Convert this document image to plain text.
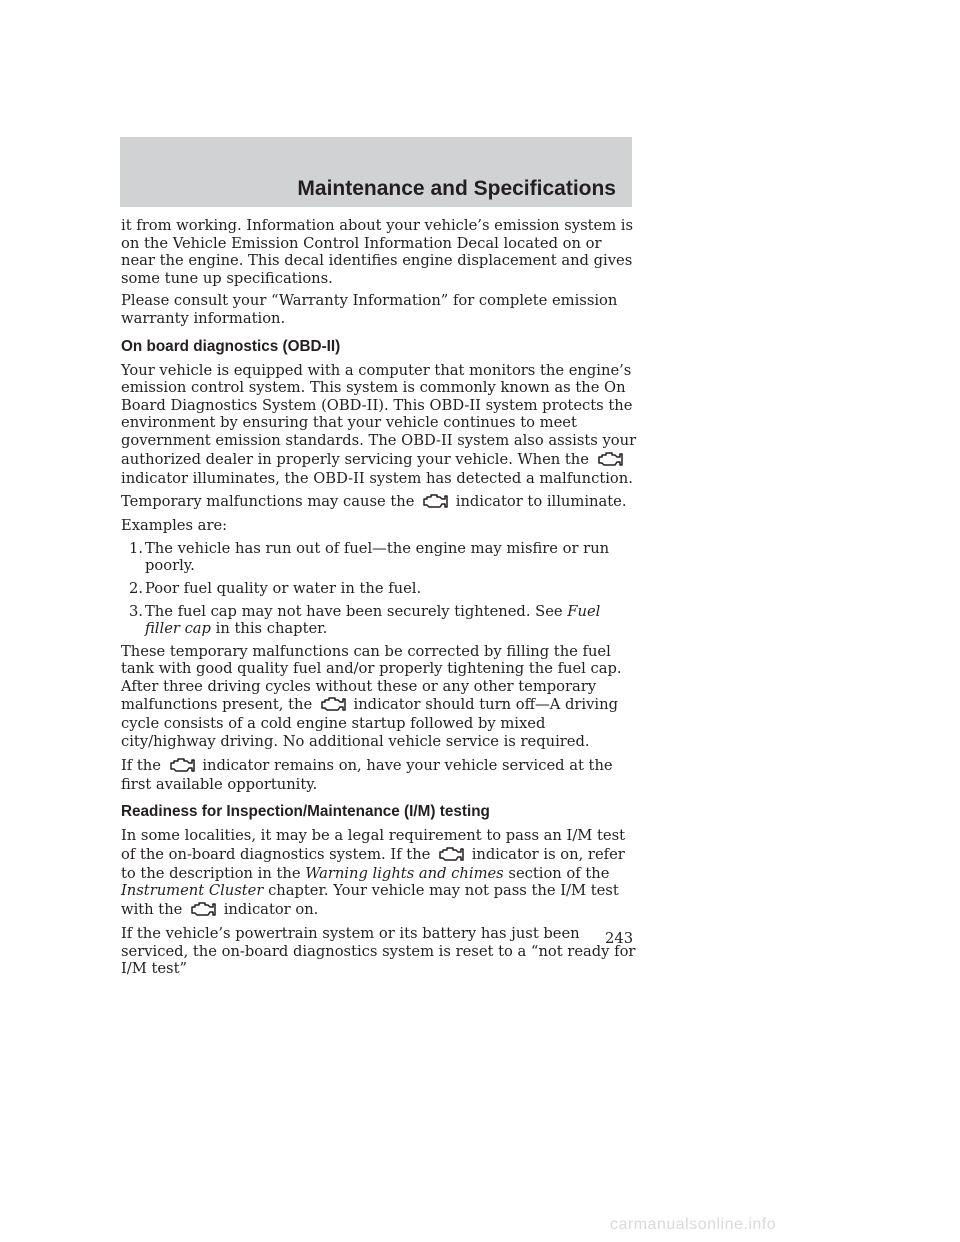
Maintenance and Specifications

it from working. Information about your vehicle’s emission system is on the Vehicle Emission Control Information Decal located on or near the engine. This decal identifies engine displacement and gives some tune up specifications.

Please consult your “Warranty Information” for complete emission warranty information.

On board diagnostics (OBD-II)

Your vehicle is equipped with a computer that monitors the engine’s emission control system. This system is commonly known as the On Board Diagnostics System (OBD-II). This OBD-II system protects the environment by ensuring that your vehicle continues to meet government emission standards. The OBD-II system also assists your authorized dealer in properly servicing your vehicle. When the
indicator illuminates, the OBD-II system has detected a malfunction.

Temporary malfunctions may cause the	indicator to illuminate.

Examples are:

1. The vehicle has run out of fuel—the engine may misfire or run poorly.
2. Poor fuel quality or water in the fuel.
3. The fuel cap may not have been securely tightened. See Fuel filler cap in this chapter.

These temporary malfunctions can be corrected by filling the fuel tank with good quality fuel and/or properly tightening the fuel cap. After three driving cycles without these or any other temporary malfunctions present, the	indicator should turn off—A driving cycle consists of a cold engine startup followed by mixed city/highway driving. No additional vehicle service is required.

If the	indicator remains on, have your vehicle serviced at the first available opportunity.

Readiness for Inspection/Maintenance (I/M) testing

In some localities, it may be a legal requirement to pass an I/M test of the on-board diagnostics system. If the	indicator is on, refer to the description in the Warning lights and chimes section of the Instrument Cluster chapter. Your vehicle may not pass the I/M test with the	indicator on.

If the vehicle’s powertrain system or its battery has just been serviced, the on-board diagnostics system is reset to a “not ready for I/M test”

243
carmanualsonline.info
